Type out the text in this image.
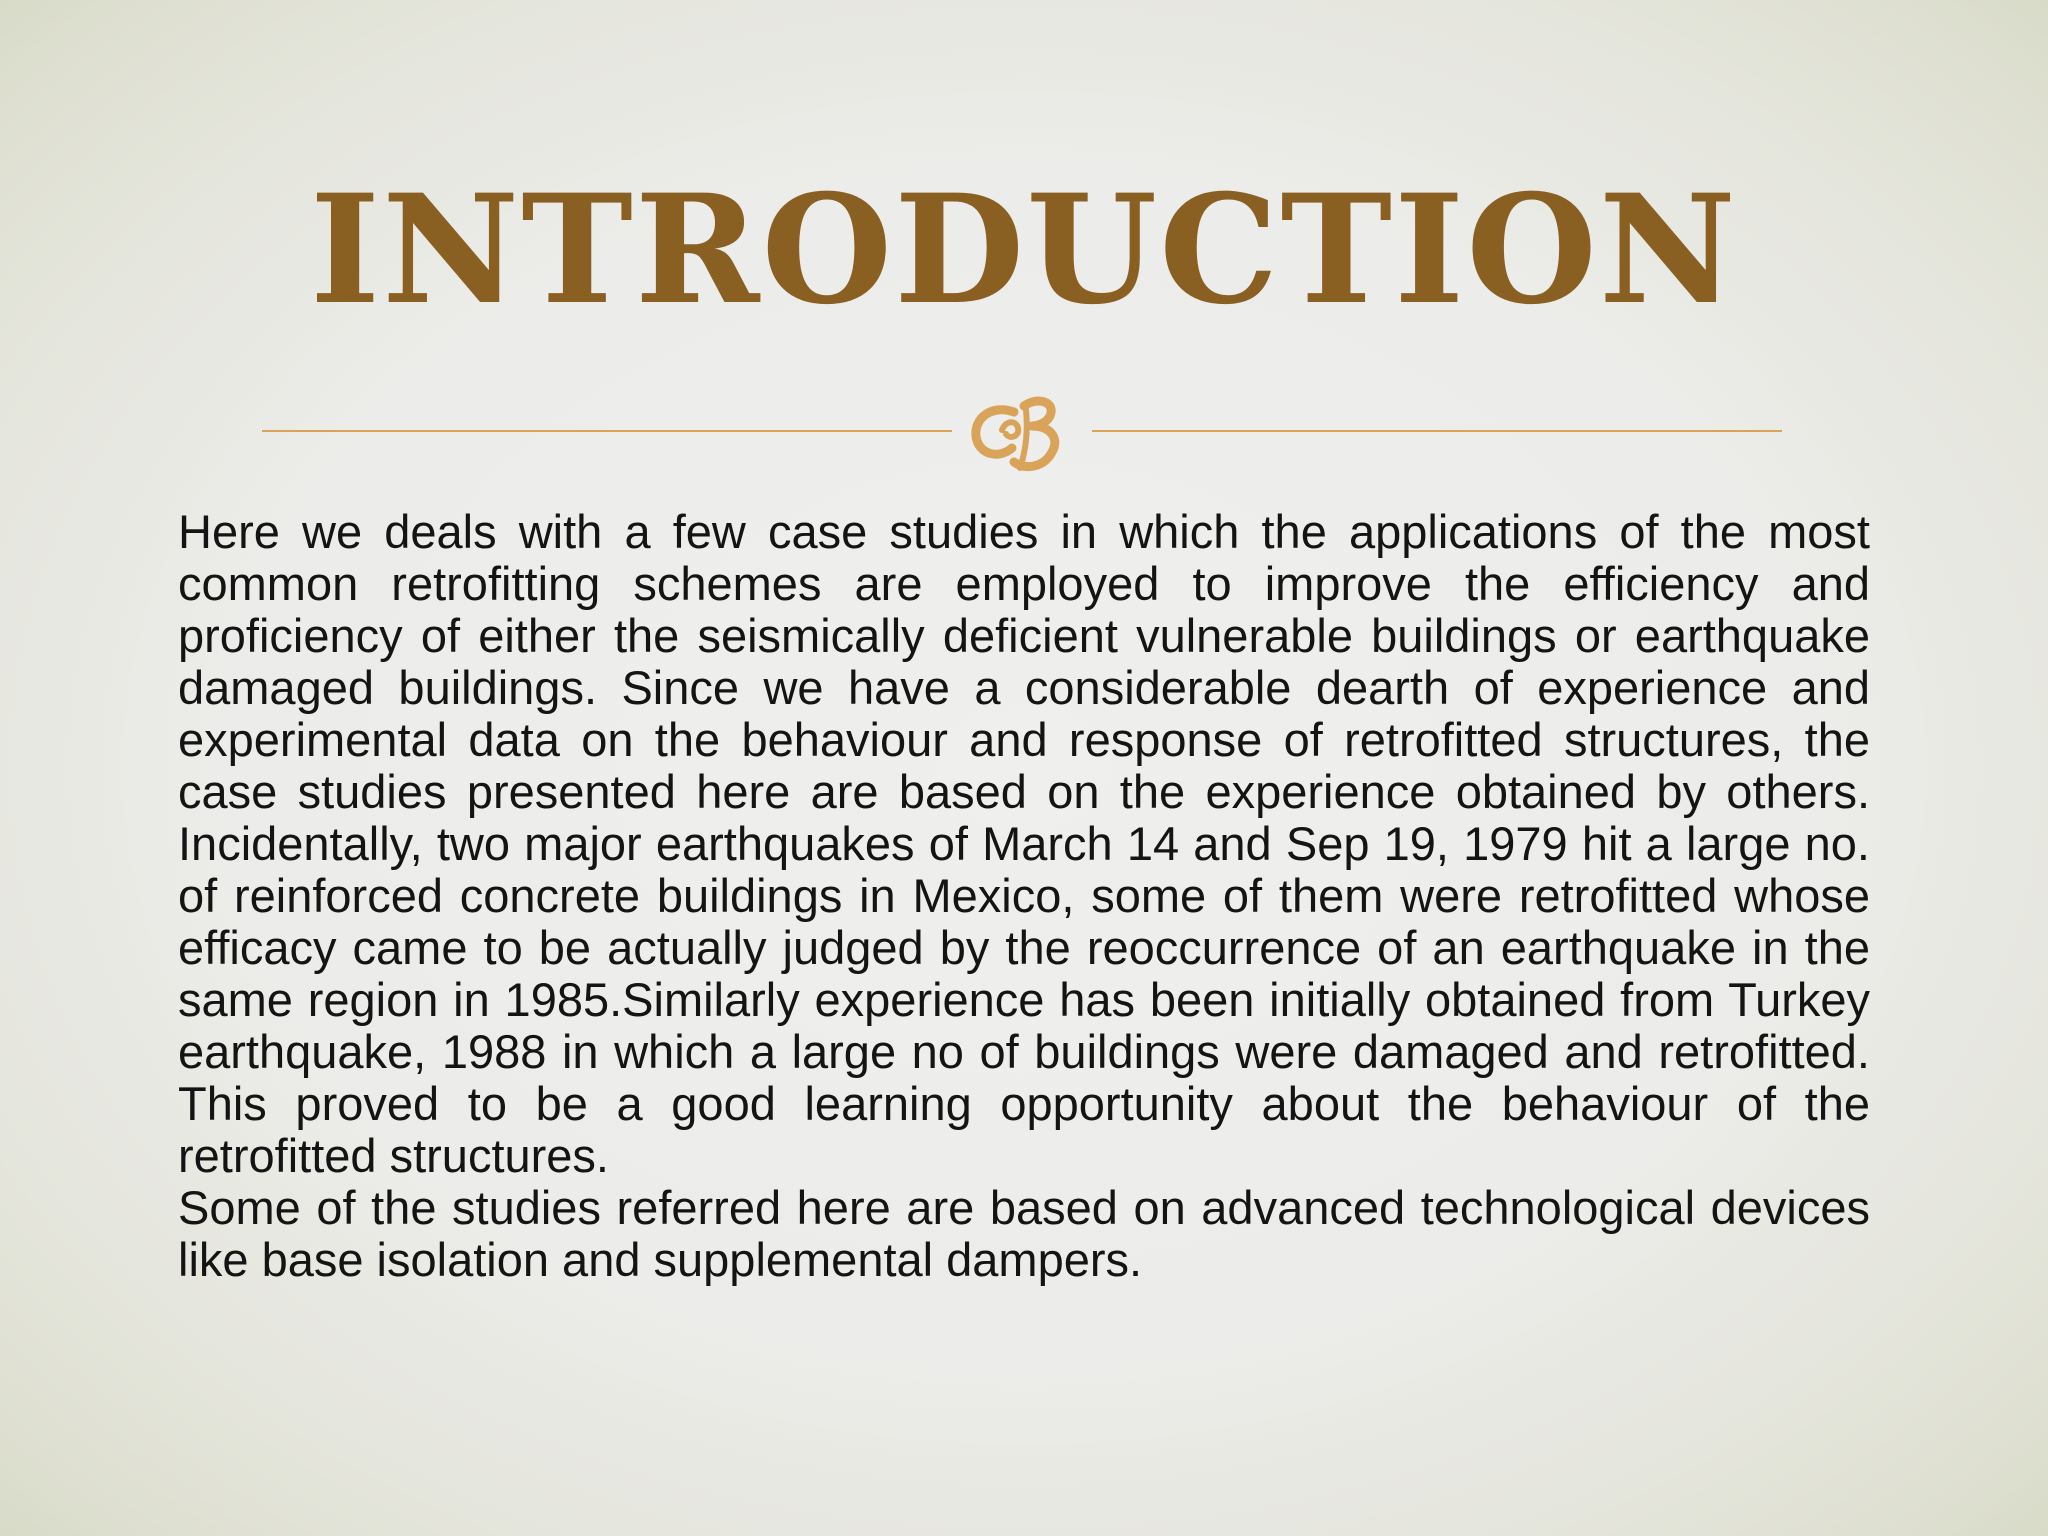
INTRODUCTION

Here we deals with a few case studies in which the applications of the most common retrofitting schemes are employed to improve the efficiency and proficiency of either the seismically deficient vulnerable buildings or earthquake damaged buildings. Since we have a considerable dearth of experience and experimental data on the behaviour and response of retrofitted structures, the case studies presented here are based on the experience obtained by others. Incidentally, two major earthquakes of March 14 and Sep 19, 1979 hit a large no. of reinforced concrete buildings in Mexico, some of them were retrofitted whose efficacy came to be actually judged by the reoccurrence of an earthquake in the same region in 1985.Similarly experience has been initially obtained from Turkey earthquake, 1988 in which a large no of buildings were damaged and retrofitted. This proved to be a good learning opportunity about the behaviour of the retrofitted structures.

Some of the studies referred here are based on advanced technological devices like base isolation and supplemental dampers.
